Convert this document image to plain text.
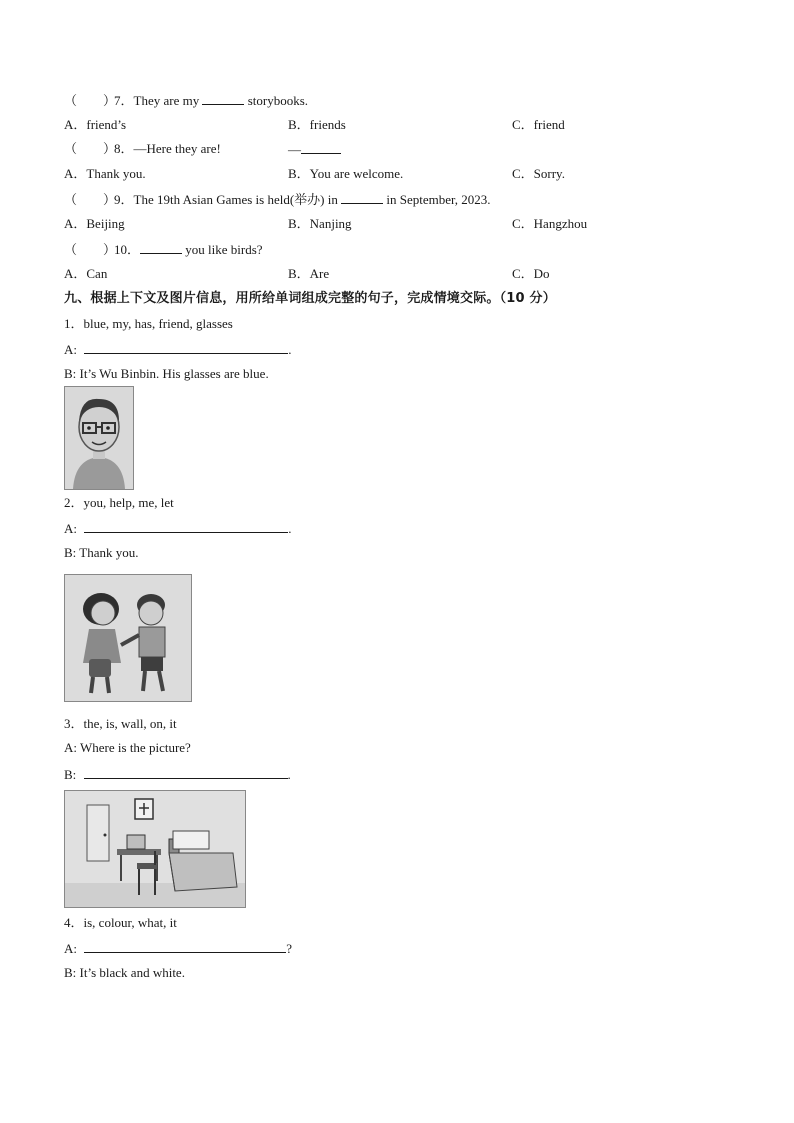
（　　）7．They are my	storybooks.
A．friend’s	B．friends	C．friend
（　　）8．—Here they are!	—
A．Thank you.	B．You are welcome.	C．Sorry.
（　　）9．The 19th Asian Games is held(举办) in	in September, 2023.
A．Beijing	B．Nanjing	C．Hangzhou
（　　）10．	you like birds?
A．Can	B．Are	C．Do
九、根据上下文及图片信息，用所给单词组成完整的句子，完成情境交际。（10 分）
1．blue, my, has, friend, glasses
A:	.
B: It’s Wu Binbin. His glasses are blue.
2．you, help, me, let
A:	.
B: Thank you.
3．the, is, wall, on, it
A: Where is the picture?
B:	.
4．is, colour, what, it
A:	?
B: It’s black and white.
